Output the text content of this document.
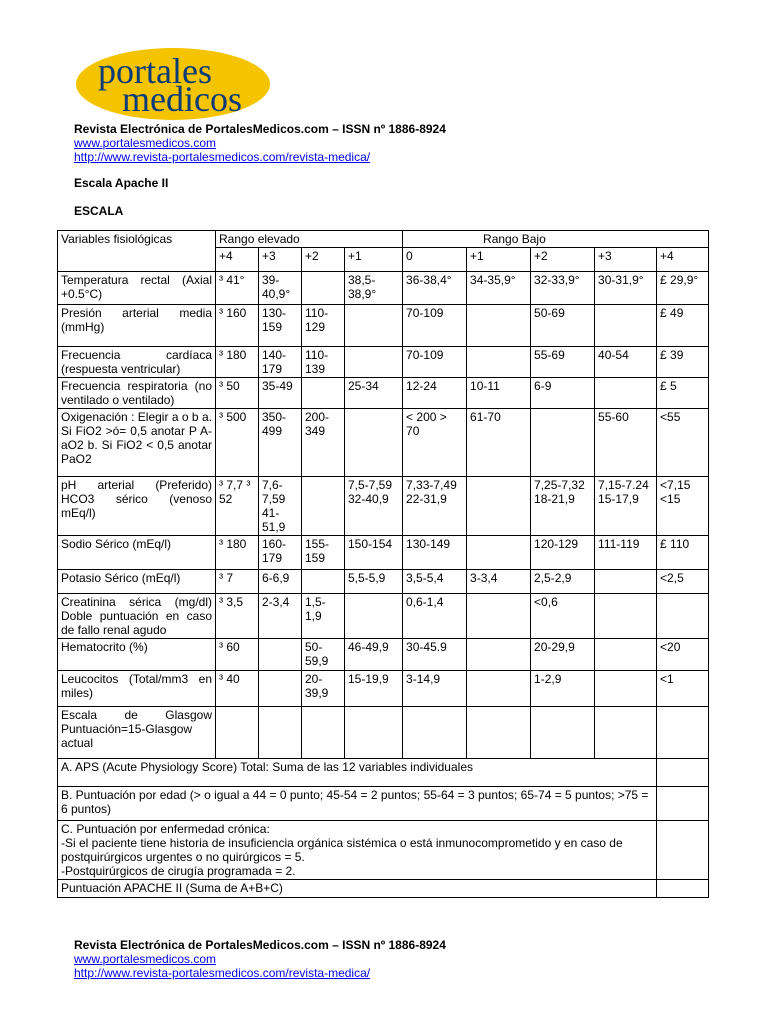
portales
medicos
Revista Electrónica de PortalesMedicos.com – ISSN nº 1886-8924
www.portalesmedicos.com
http://www.revista-portalesmedicos.com/revista-medica/
Escala Apache II
ESCALA
Variables fisiológicas	Rango elevado				Rango Bajo				
	+4	+3	+2	+1	0	+1	+2	+3	+4
Temperatura rectal (Axial +0.5°C)	³ 41°	39-40,9°		38,5-38,9°	36-38,4°	34-35,9°	32-33,9°	30-31,9°	£ 29,9°
Presión arterial media (mmHg)	³ 160	130-159	110-129		70-109		50-69		£ 49
Frecuencia cardíaca (respuesta ventricular)	³ 180	140-179	110-139		70-109		55-69	40-54	£ 39
Frecuencia respiratoria (no ventilado o ventilado)	³ 50	35-49		25-34	12-24	10-11	6-9		£ 5
Oxigenación : Elegir a o b a. Si FiO2 >ó= 0,5 anotar P A-aO2 b. Si FiO2 < 0,5 anotar PaO2	³ 500	350-499	200-349		< 200 > 70	61-70		55-60	<55
pH arterial (Preferido) HCO3 sérico (venoso mEq/l)	³ 7,7 ³ 52	7,6-7,59 41-51,9		7,5-7,59 32-40,9	7,33-7,49 22-31,9		7,25-7,32 18-21,9	7,15-7.24 15-17,9	<7,15 <15
Sodio Sérico (mEq/l)	³ 180	160-179	155-159	150-154	130-149		120-129	111-119	£ 110
Potasio Sérico (mEq/l)	³ 7	6-6,9		5,5-5,9	3,5-5,4	3-3,4	2,5-2,9		<2,5
Creatinina sérica (mg/dl) Doble puntuación en caso de fallo renal agudo	³ 3,5	2-3,4	1,5-1,9		0,6-1,4		<0,6		
Hematocrito (%)	³ 60		50-59,9	46-49,9	30-45.9		20-29,9		<20
Leucocitos (Total/mm3 en miles)	³ 40		20-39,9	15-19,9	3-14,9		1-2,9		<1
Escala de Glasgow Puntuación=15-Glasgow actual									
A. APS (Acute Physiology Score) Total: Suma de las 12 variables individuales									
B. Puntuación por edad (> o igual a 44 = 0 punto; 45-54 = 2 puntos; 55-64 = 3 puntos; 65-74 = 5 puntos; >75 = 6 puntos)									

C. Puntuación por enfermedad crónica:
-Si el paciente tiene historia de insuficiencia orgánica sistémica o está inmunocomprometido y en caso de postquirúrgicos urgentes o no quirúrgicos = 5.
-Postquirúrgicos de cirugía programada = 2.									

Puntuación APACHE II (Suma de A+B+C)									
Revista Electrónica de PortalesMedicos.com – ISSN nº 1886-8924
www.portalesmedicos.com
http://www.revista-portalesmedicos.com/revista-medica/
